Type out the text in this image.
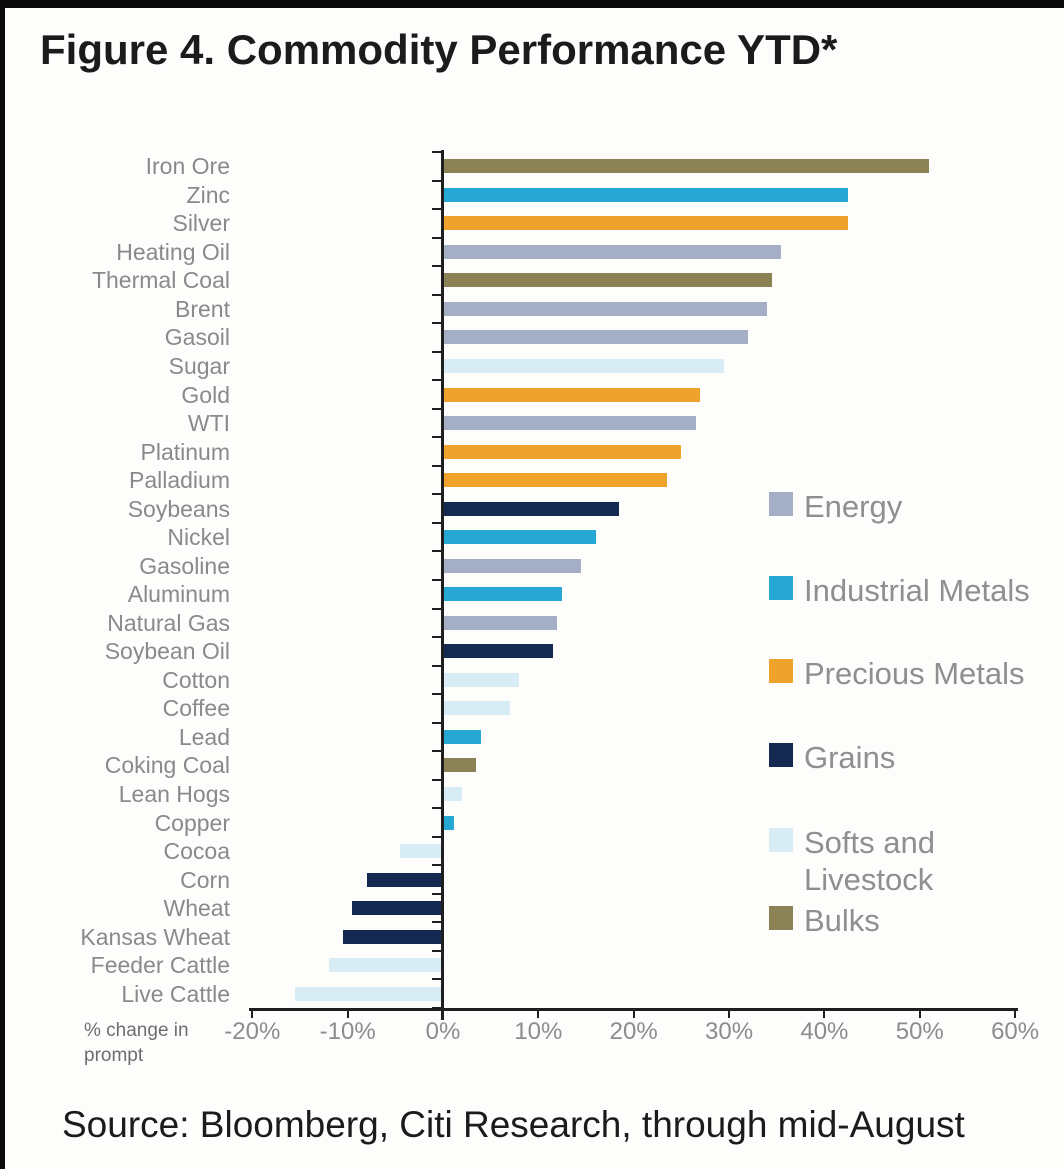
Figure 4. Commodity Performance YTD*
Iron Ore
Zinc
Silver
Heating Oil
Thermal Coal
Brent
Gasoil
Sugar
Gold
WTI
Platinum
Palladium
Soybeans
Nickel
Gasoline
Aluminum
Natural Gas
Soybean Oil
Cotton
Coffee
Lead
Coking Coal
Lean Hogs
Copper
Cocoa
Corn
Wheat
Kansas Wheat
Feeder Cattle
Live Cattle
-20%	-10%	0%	10%	20%	30%	40%	50%	60%
Energy
Industrial Metals
Precious Metals
Grains
Softs and Livestock
Bulks
% change in
prompt
Source: Bloomberg, Citi Research, through mid-August
